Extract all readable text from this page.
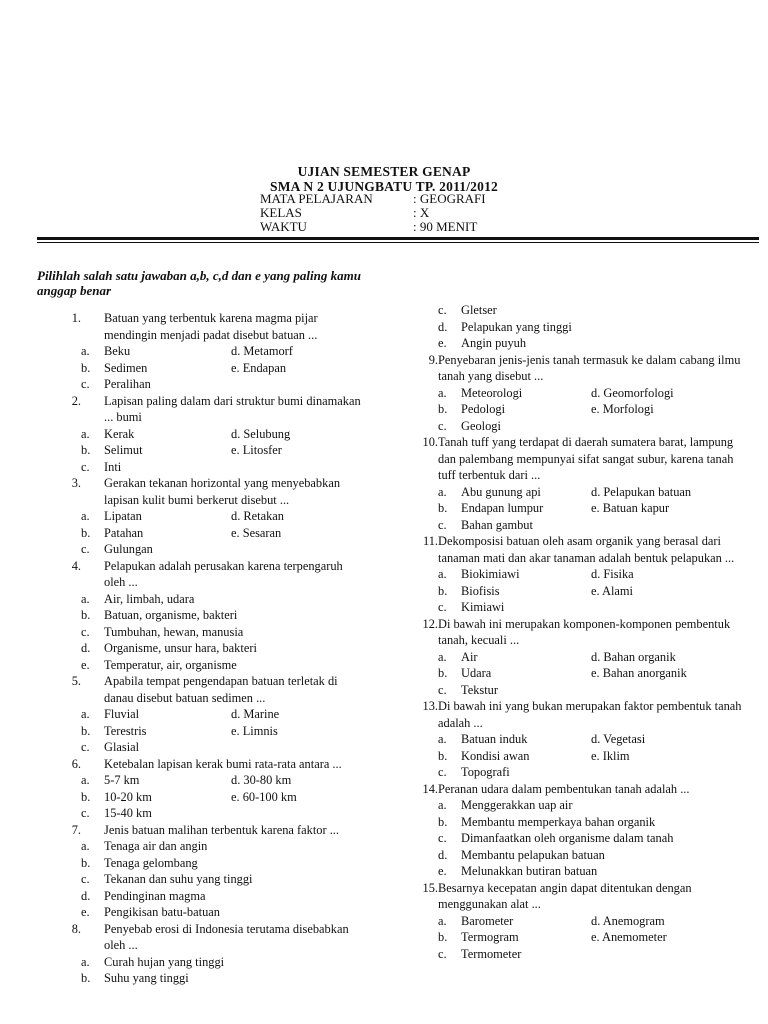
UJIAN SEMESTER GENAP
SMA N 2 UJUNGBATU TP. 2011/2012
MATA PELAJARAN	: GEOGRAFI
KELAS	: X
WAKTU	: 90 MENIT
Pilihlah salah satu jawaban a,b, c,d dan e yang paling kamu anggap benar
1. Batuan yang terbentuk karena magma pijar mendingin menjadi padat disebut batuan ...
a.	Beku	d. Metamorf
b.	Sedimen	e. Endapan
c.	Peralihan
2. Lapisan paling dalam dari struktur bumi dinamakan ... bumi
a.	Kerak	d. Selubung
b.	Selimut	e. Litosfer
c.	Inti
3. Gerakan tekanan horizontal yang menyebabkan lapisan kulit bumi berkerut disebut ...
a.	Lipatan	d. Retakan
b.	Patahan	e. Sesaran
c.	Gulungan
4. Pelapukan adalah perusakan karena terpengaruh oleh ...
a.	Air, limbah, udara
b.	Batuan, organisme, bakteri
c.	Tumbuhan, hewan, manusia
d.	Organisme, unsur hara, bakteri
e.	Temperatur, air, organisme
5. Apabila tempat pengendapan batuan terletak di danau disebut batuan sedimen ...
a.	Fluvial	d. Marine
b.	Terestris	e. Limnis
c.	Glasial
6. Ketebalan lapisan kerak bumi rata-rata antara ...
a.	5-7 km	d. 30-80 km
b.	10-20 km	e. 60-100 km
c.	15-40 km
7. Jenis batuan malihan terbentuk karena faktor ...
a.	Tenaga air dan angin
b.	Tenaga gelombang
c.	Tekanan dan suhu yang tinggi
d.	Pendinginan magma
e.	Pengikisan batu-batuan
8. Penyebab erosi di Indonesia terutama disebabkan oleh ...
a.	Curah hujan yang tinggi
b.	Suhu yang tinggi
c.	Gletser
d.	Pelapukan yang tinggi
e.	Angin puyuh
9. Penyebaran jenis-jenis tanah termasuk ke dalam cabang ilmu tanah yang disebut ...
a.	Meteorologi	d. Geomorfologi
b.	Pedologi	e. Morfologi
c.	Geologi
10. Tanah tuff yang terdapat di daerah sumatera barat, lampung dan palembang mempunyai sifat sangat subur, karena tanah tuff terbentuk dari ...
a.	Abu gunung api	d. Pelapukan batuan
b.	Endapan lumpur	e. Batuan kapur
c.	Bahan gambut
11. Dekomposisi batuan oleh asam organik yang berasal dari tanaman mati dan akar tanaman adalah bentuk pelapukan ...
a.	Biokimiawi	d. Fisika
b.	Biofisis	e. Alami
c.	Kimiawi
12. Di bawah ini merupakan komponen-komponen pembentuk tanah, kecuali ...
a.	Air	d. Bahan organik
b.	Udara	e. Bahan anorganik
c.	Tekstur
13. Di bawah ini yang bukan merupakan faktor pembentuk tanah adalah ...
a.	Batuan induk	d. Vegetasi
b.	Kondisi awan	e. Iklim
c.	Topografi
14. Peranan udara dalam pembentukan tanah adalah ...
a.	Menggerakkan uap air
b.	Membantu memperkaya bahan organik
c.	Dimanfaatkan oleh organisme dalam tanah
d.	Membantu pelapukan batuan
e.	Melunakkan butiran batuan
15. Besarnya kecepatan angin dapat ditentukan dengan menggunakan alat ...
a.	Barometer	d. Anemogram
b.	Termogram	e. Anemometer
c.	Termometer
